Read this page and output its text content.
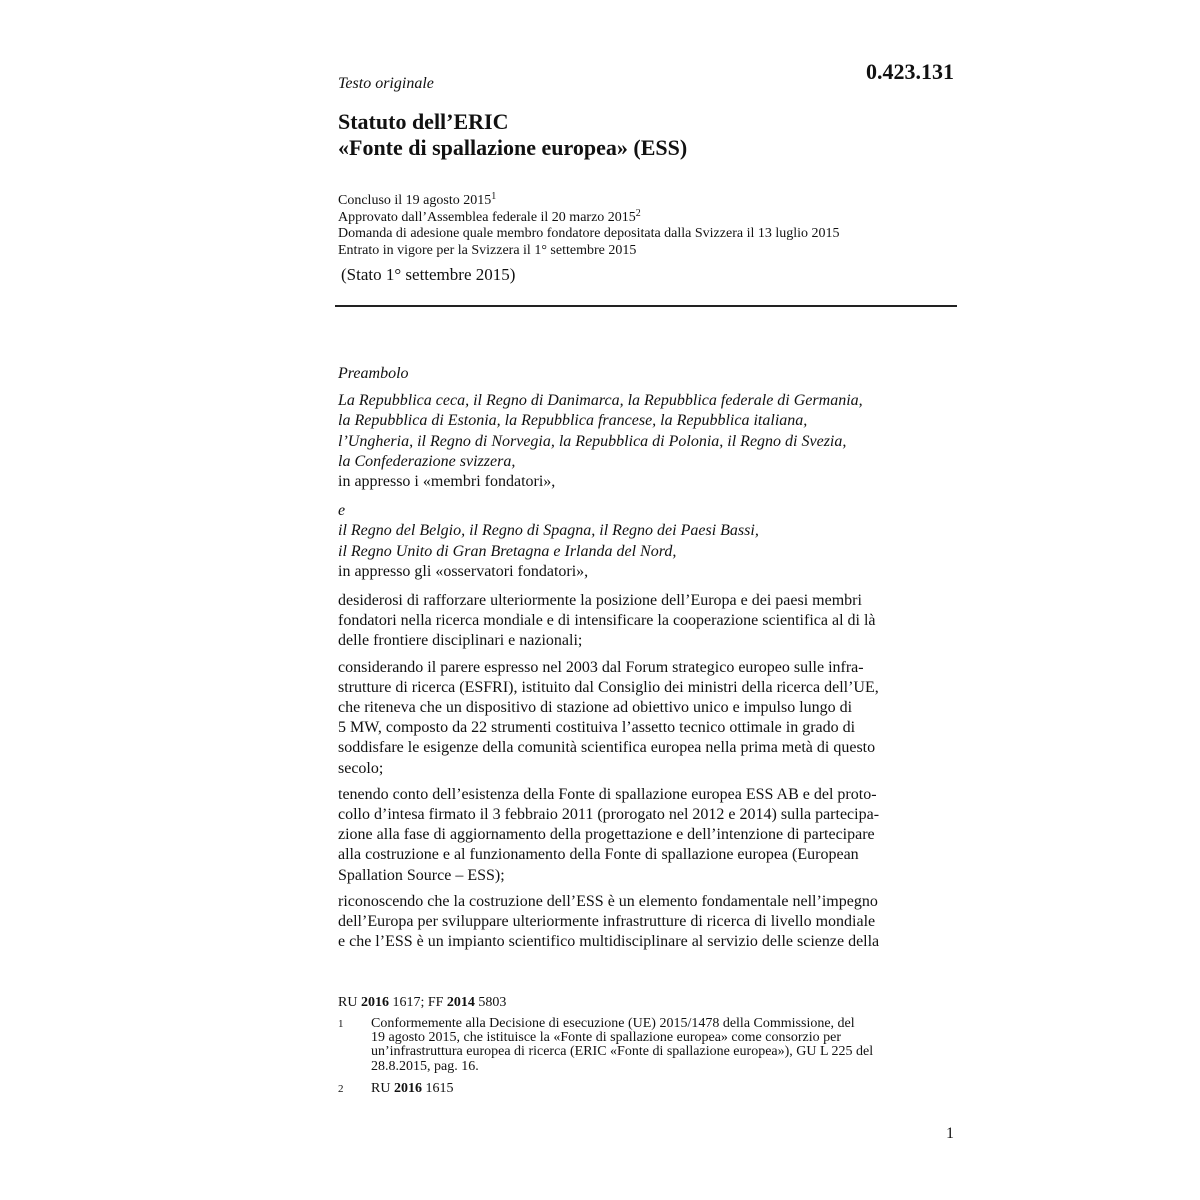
0.423.131
Testo originale
Statuto dell’ERIC
«Fonte di spallazione europea» (ESS)
Concluso il 19 agosto 2015$^1$
Approvato dall’Assemblea federale il 20 marzo 2015$^2$
Domanda di adesione quale membro fondatore depositata dalla Svizzera il 13 luglio 2015
Entrato in vigore per la Svizzera il 1° settembre 2015
(Stato 1° settembre 2015)

Preambolo

La Repubblica ceca, il Regno di Danimarca, la Repubblica federale di Germania,

la Repubblica di Estonia, la Repubblica francese, la Repubblica italiana,

l’Ungheria, il Regno di Norvegia, la Repubblica di Polonia, il Regno di Svezia,

la Confederazione svizzera,

in appresso i «membri fondatori»,

e

il Regno del Belgio, il Regno di Spagna, il Regno dei Paesi Bassi,

il Regno Unito di Gran Bretagna e Irlanda del Nord,

in appresso gli «osservatori fondatori»,

desiderosi di rafforzare ulteriormente la posizione dell’Europa e dei paesi membri

fondatori nella ricerca mondiale e di intensificare la cooperazione scientifica al di là

delle frontiere disciplinari e nazionali;

considerando il parere espresso nel 2003 dal Forum strategico europeo sulle infra-

strutture di ricerca (ESFRI), istituito dal Consiglio dei ministri della ricerca dell’UE,

che riteneva che un dispositivo di stazione ad obiettivo unico e impulso lungo di

5 MW, composto da 22 strumenti costituiva l’assetto tecnico ottimale in grado di

soddisfare le esigenze della comunità scientifica europea nella prima metà di questo

secolo;

tenendo conto dell’esistenza della Fonte di spallazione europea ESS AB e del proto-

collo d’intesa firmato il 3 febbraio 2011 (prorogato nel 2012 e 2014) sulla partecipa-

zione alla fase di aggiornamento della progettazione e dell’intenzione di partecipare

alla costruzione e al funzionamento della Fonte di spallazione europea (European

Spallation Source – ESS);

riconoscendo che la costruzione dell’ESS è un elemento fondamentale nell’impegno

dell’Europa per sviluppare ulteriormente infrastrutture di ricerca di livello mondiale

e che l’ESS è un impianto scientifico multidisciplinare al servizio delle scienze della

RU 2016 1617; FF 2014 5803
1 Conformemente alla Decisione di esecuzione (UE) 2015/1478 della Commissione, del
19 agosto 2015, che istituisce la «Fonte di spallazione europea» come consorzio per
un’infrastruttura europea di ricerca (ERIC «Fonte di spallazione europea»), GU L 225 del
28.8.2015, pag. 16.
2 RU 2016 1615
1
